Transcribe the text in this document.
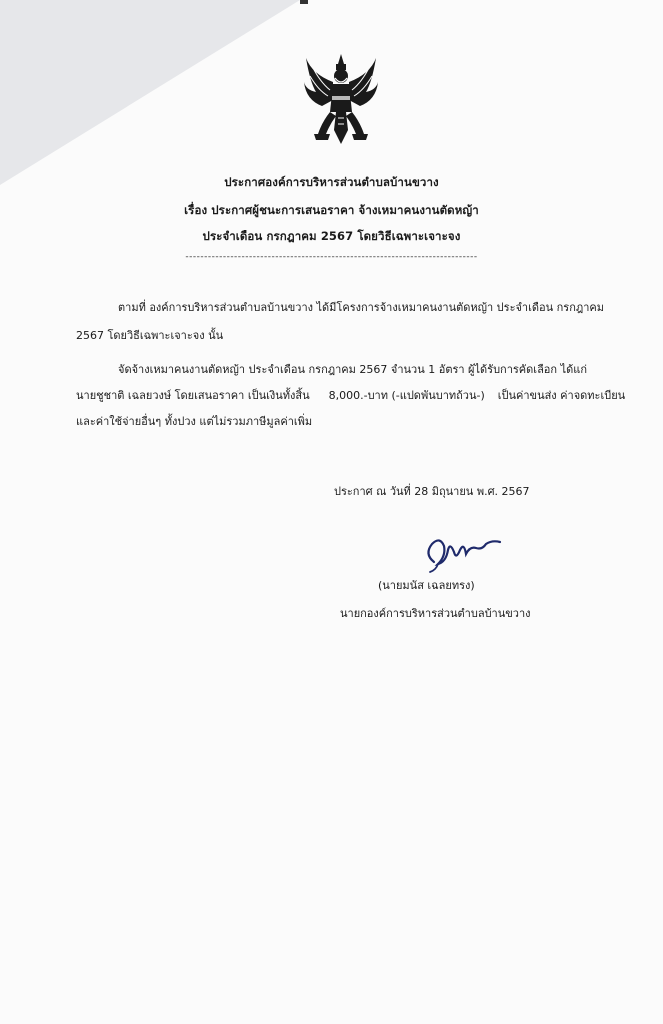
ประกาศองค์การบริหารส่วนตำบลบ้านขวาง
เรื่อง ประกาศผู้ชนะการเสนอราคา จ้างเหมาคนงานตัดหญ้า
ประจำเดือน กรกฎาคม 2567 โดยวิธีเฉพาะเจาะจง
------------------------------------------------------------------------------
ตามที่ องค์การบริหารส่วนตำบลบ้านขวาง ได้มีโครงการจ้างเหมาคนงานตัดหญ้า ประจำเดือน กรกฎาคม
2567 โดยวิธีเฉพาะเจาะจง นั้น
จัดจ้างเหมาคนงานตัดหญ้า ประจำเดือน กรกฎาคม 2567 จำนวน 1 อัตรา ผู้ได้รับการคัดเลือก ได้แก่
นายชูชาติ เฉลยวงษ์ โดยเสนอราคา เป็นเงินทั้งสิ้น 8,000.-บาท (-แปดพันบาทถ้วน-) เป็นค่าขนส่ง ค่าจดทะเบียน
และค่าใช้จ่ายอื่นๆ ทั้งปวง แต่ไม่รวมภาษีมูลค่าเพิ่ม
ประกาศ ณ วันที่ 28 มิถุนายน พ.ศ. 2567
(นายมนัส เฉลยทรง)
นายกองค์การบริหารส่วนตำบลบ้านขวาง
